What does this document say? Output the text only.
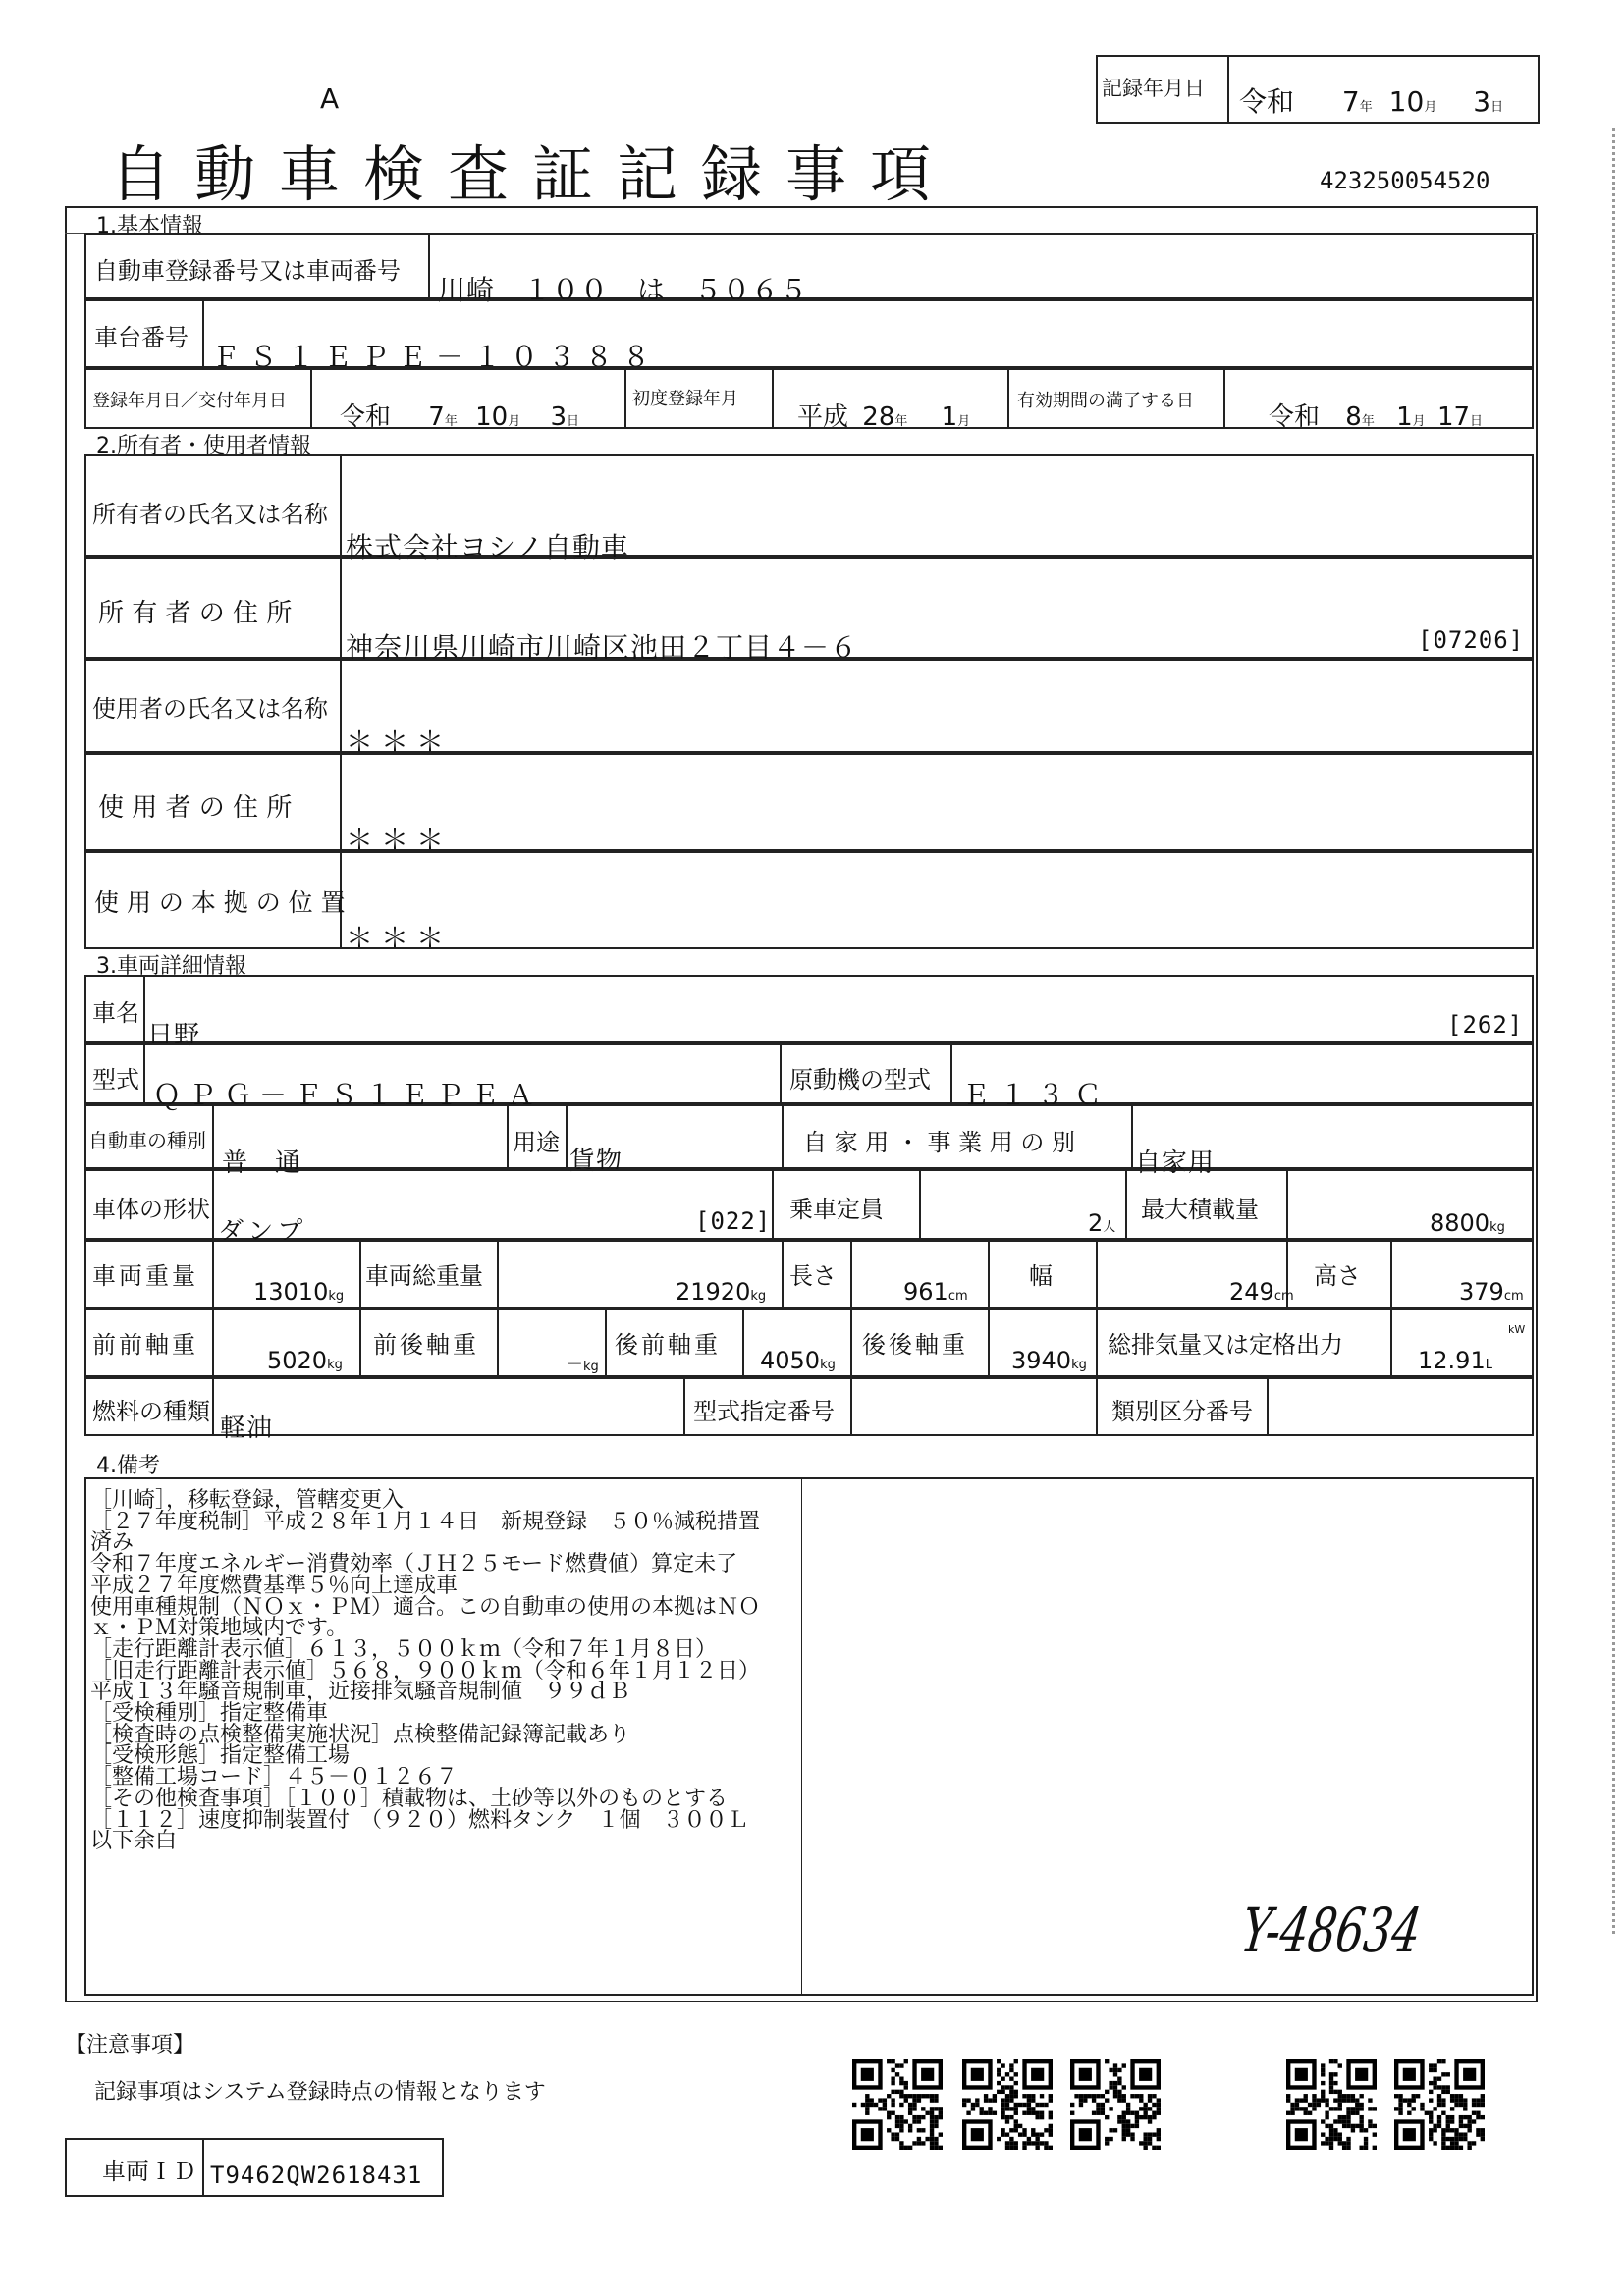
A
自動車検査証記録事項
記録年月日 令和 7年 10月 3日
423250054520
1.基本情報
自動車登録番号又は車両番号
川崎　１００　は　５０６５
車台番号
ＦＳ１ＥＰＥ－１０３８８
登録年月日／交付年月日
令和 7年 10月 3日
初度登録年月
平成 28年 1月
有効期間の満了する日
令和 8年 1月 17日
2.所有者・使用者情報
所有者の氏名又は名称
株式会社ヨシノ自動車
所 有 者 の 住 所
神奈川県川崎市川崎区池田２丁目４－６	[07206]
使用者の氏名又は名称
＊＊＊
使 用 者 の 住 所
＊＊＊
使 用 の 本 拠 の 位 置
＊＊＊
3.車両詳細情報
車名
日野	[262]
型式 ＱＰＧ－ＦＳ１ＥＰＥＡ	原動機の型式 Ｅ１３Ｃ
自動車の種別
普　通
用途
貨物
自 家 用 ・ 事 業 用 の 別
自家用
車体の形状
ダンプ	[022] 乗車定員	2人
最大積載量	8800kg
車両重量
13010kg
車両総重量
21920kg
長さ
961cm
幅
249cm
高さ
379cm
前前軸重
5020kg
前後軸重
－kg
後前軸重
4050kg
後後軸重
3940kg
総排気量又は定格出力
12.91L
kW
燃料の種類
軽油
型式指定番号	類別区分番号
4.備考
［川崎］，移転登録，管轄変更入
［２７年度税制］平成２８年１月１４日　新規登録　５０％減税措置
済み
令和７年度エネルギー消費効率（ＪＨ２５モード燃費値）算定未了
平成２７年度燃費基準５％向上達成車
使用車種規制（ＮＯｘ・ＰＭ）適合。この自動車の使用の本拠はＮＯ
ｘ・ＰＭ対策地域内です。
［走行距離計表示値］６１３，５００ｋｍ（令和７年１月８日）
［旧走行距離計表示値］５６８，９００ｋｍ（令和６年１月１２日）
平成１３年騒音規制車，近接排気騒音規制値　９９ｄＢ
［受検種別］指定整備車
［検査時の点検整備実施状況］点検整備記録簿記載あり
［受検形態］指定整備工場
［整備工場コード］４５－０１２６７
［その他検査事項］［１００］積載物は、土砂等以外のものとする
［１１２］速度抑制装置付　（９２０）燃料タンク　１個　３００Ｌ
以下余白
Y-48634
【注意事項】
記録事項はシステム登録時点の情報となります
車両ＩＤ T9462QW2618431
